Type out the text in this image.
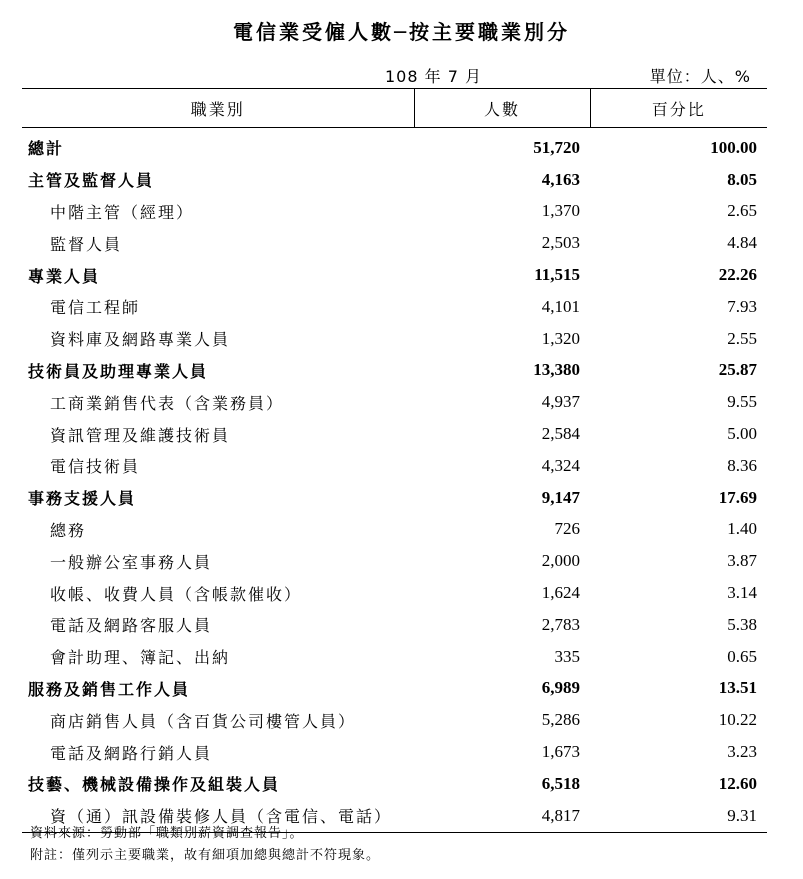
電信業受僱人數─按主要職業別分
108 年 7 月	單位：人、%
職業別	人數	百分比
總計	51,720	100.00
主管及監督人員	4,163	8.05
中階主管（經理）	1,370	2.65
監督人員	2,503	4.84
專業人員	11,515	22.26
電信工程師	4,101	7.93
資料庫及網路專業人員	1,320	2.55
技術員及助理專業人員	13,380	25.87
工商業銷售代表（含業務員）	4,937	9.55
資訊管理及維護技術員	2,584	5.00
電信技術員	4,324	8.36
事務支援人員	9,147	17.69
總務	726	1.40
一般辦公室事務人員	2,000	3.87
收帳、收費人員（含帳款催收）	1,624	3.14
電話及網路客服人員	2,783	5.38
會計助理、簿記、出納	335	0.65
服務及銷售工作人員	6,989	13.51
商店銷售人員（含百貨公司樓管人員）	5,286	10.22
電話及網路行銷人員	1,673	3.23
技藝、機械設備操作及組裝人員	6,518	12.60
資（通）訊設備裝修人員（含電信、電話）	4,817	9.31
資料來源：勞動部「職類別薪資調查報告」。
附註：僅列示主要職業，故有細項加總與總計不符現象。
